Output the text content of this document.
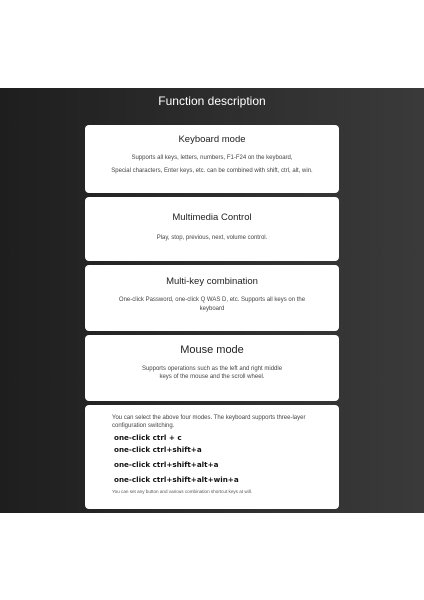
Function description
Keyboard mode
Supports all keys, letters, numbers, F1-F24 on the keyboard,
Special characters, Enter keys, etc. can be combined with shift, ctrl, alt, win.
Multimedia Control
Play, stop, previous, next, volume control.
Multi-key combination
One-click Password, one-click Q WAS D, etc. Supports all keys on the keyboard
Mouse mode
Supports operations such as the left and right middle keys of the mouse and the scroll wheel.
You can select the above four modes. The keyboard supports three-layer configuration switching.
one-click ctrl + c
one-click ctrl+shift+a
one-click ctrl+shift+alt+a
one-click ctrl+shift+alt+win+a
You can set any button and various combination shortcut keys at will.
